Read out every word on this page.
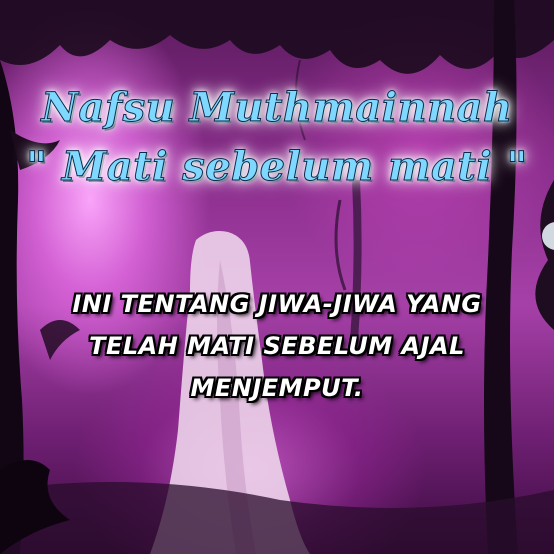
Nafsu Muthmainnah
" Mati sebelum mati "
INI TENTANG JIWA-JIWA YANG
TELAH MATI SEBELUM AJAL
MENJEMPUT.
